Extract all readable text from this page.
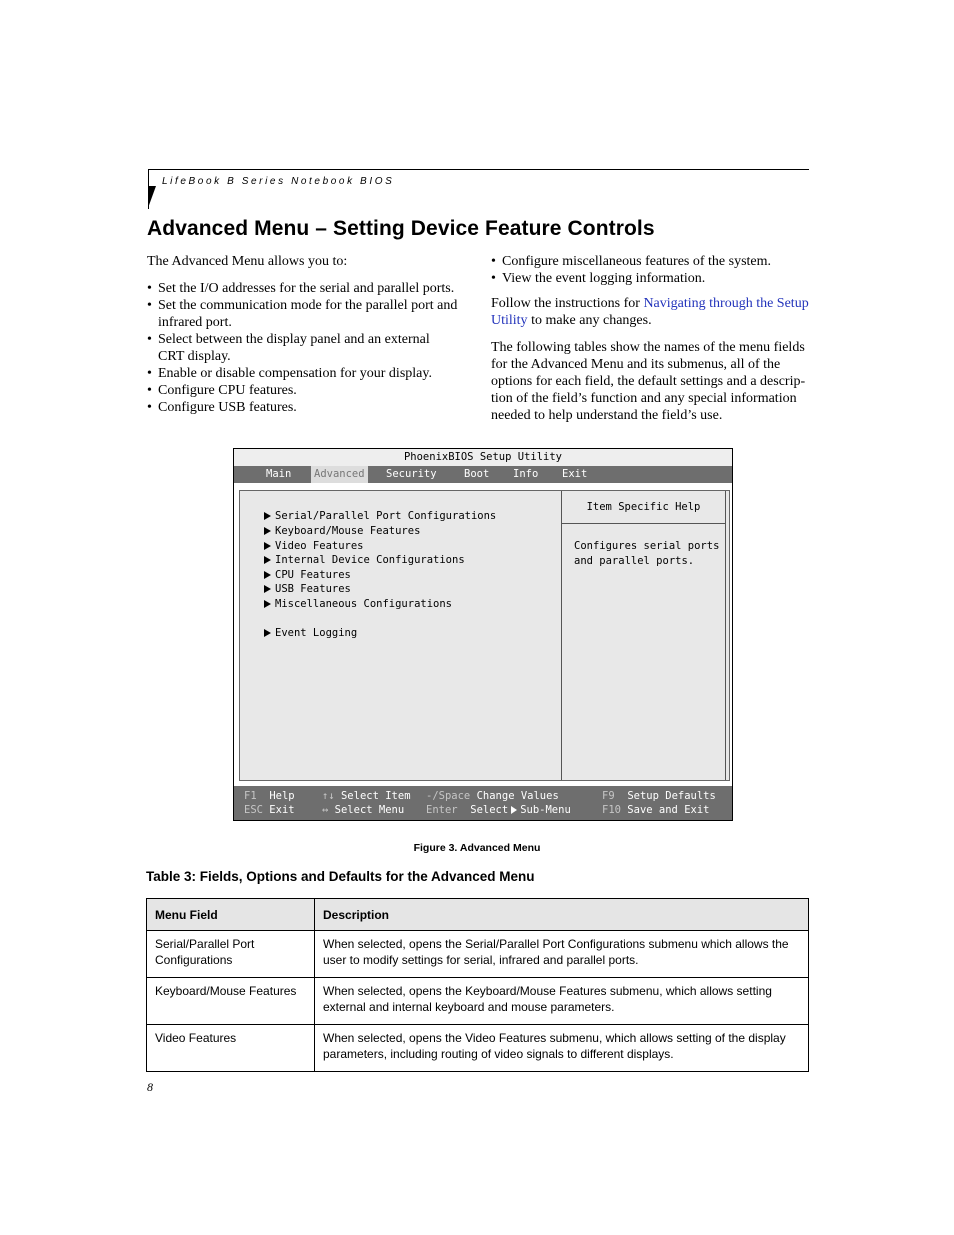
LifeBook B Series Notebook BIOS
Advanced Menu – Setting Device Feature Controls

The Advanced Menu allows you to:

• Set the I/O addresses for the serial and parallel ports.
• Set the communication mode for the parallel port and
infrared port.
• Select between the display panel and an external
CRT display.
• Enable or disable compensation for your display.
• Configure CPU features.
• Configure USB features.
• Configure miscellaneous features of the system.
• View the event logging information.

Follow the instructions for Navigating through the Setup
Utility to make any changes.

The following tables show the names of the menu fields
for the Advanced Menu and its submenus, all of the
options for each field, the default settings and a descrip-
tion of the field’s function and any special information
needed to help understand the field’s use.

PhoenixBIOS Setup Utility
Main Advanced Security	Boot Info Exit
Item Specific Help
Serial/Parallel Port Configurations
Keyboard/Mouse Features
Video Features
Internal Device Configurations
CPU Features
USB Features
Miscellaneous Configurations
Event Logging
Configures serial ports
and parallel ports.
F1 Help	↑↓ Select Item -/Space Change Values	F9 Setup Defaults
ESC Exit	↔ Select Menu Enter Select Sub-Menu	F10 Save and Exit
Figure 3. Advanced Menu
Table 3: Fields, Options and Defaults for the Advanced Menu
Menu Field	Description
Serial/Parallel Port
Configurations	When selected, opens the Serial/Parallel Port Configurations submenu which allows the
user to modify settings for serial, infrared and parallel ports.
Keyboard/Mouse Features	When selected, opens the Keyboard/Mouse Features submenu, which allows setting
external and internal keyboard and mouse parameters.
Video Features	When selected, opens the Video Features submenu, which allows setting of the display
parameters, including routing of video signals to different displays.
8
